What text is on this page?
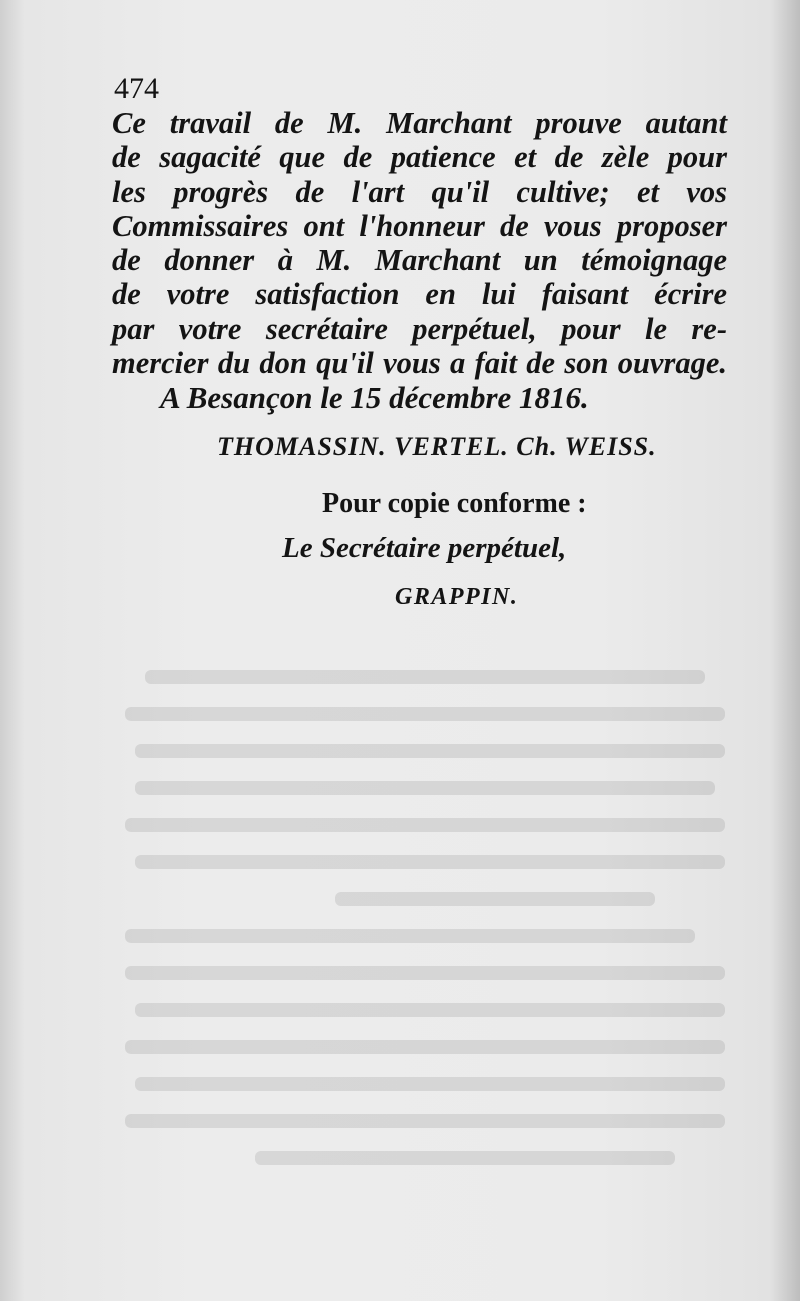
474
Ce travail de M. Marchant prouve autant
de sagacité que de patience et de zèle pour
les progrès de l'art qu'il cultive; et vos
Commissaires ont l'honneur de vous proposer
de donner à M. Marchant un témoignage
de votre satisfaction en lui faisant écrire
par votre secrétaire perpétuel, pour le re-
mercier du don qu'il vous a fait de son ouvrage.
A Besançon le 15 décembre 1816.
THOMASSIN. VERTEL. Ch. WEISS.
Pour copie conforme :
Le Secrétaire perpétuel,
GRAPPIN.
